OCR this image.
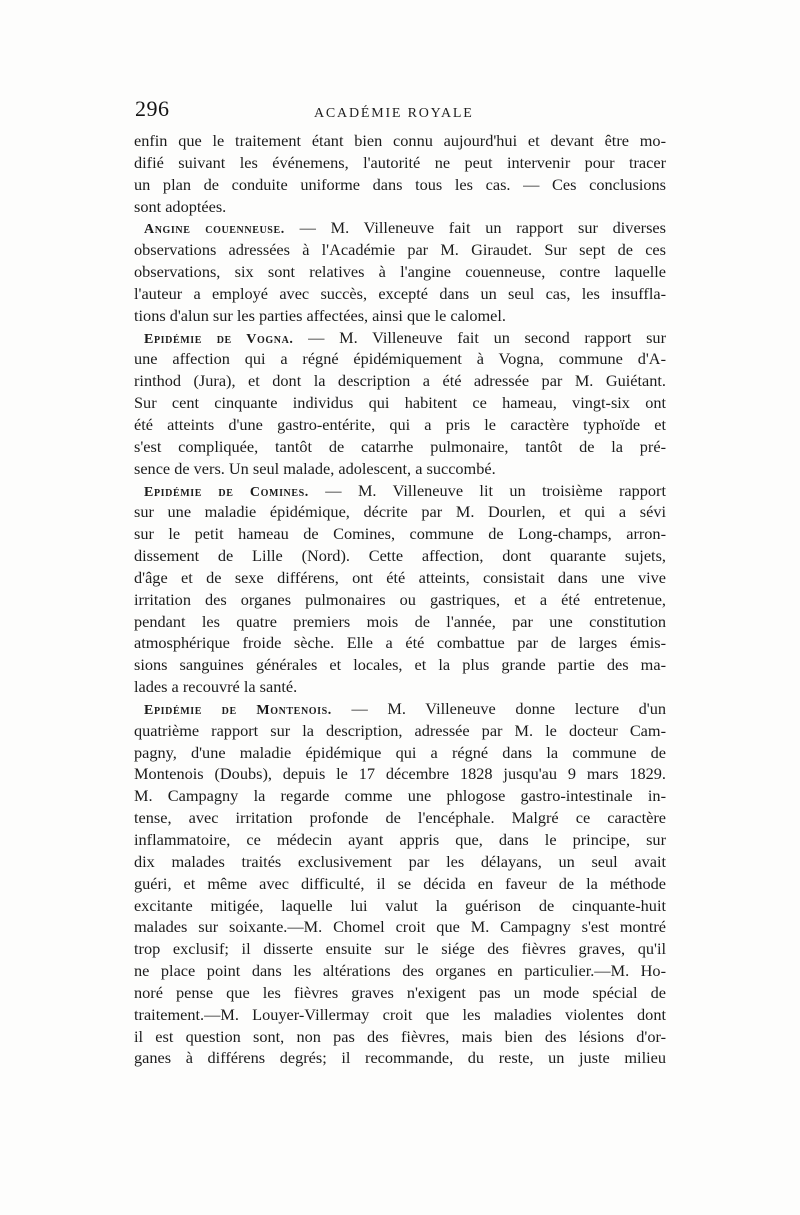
296	ACADÉMIE ROYALE
enfin que le traitement étant bien connu aujourd'hui et devant être mo-
difié suivant les événemens, l'autorité ne peut intervenir pour tracer
un plan de conduite uniforme dans tous les cas. — Ces conclusions
sont adoptées.
Angine couenneuse. — M. Villeneuve fait un rapport sur diverses
observations adressées à l'Académie par M. Giraudet. Sur sept de ces
observations, six sont relatives à l'angine couenneuse, contre laquelle
l'auteur a employé avec succès, excepté dans un seul cas, les insuffla-
tions d'alun sur les parties affectées, ainsi que le calomel.
Epidémie de Vogna. — M. Villeneuve fait un second rapport sur
une affection qui a régné épidémiquement à Vogna, commune d'A-
rinthod (Jura), et dont la description a été adressée par M. Guiétant.
Sur cent cinquante individus qui habitent ce hameau, vingt-six ont
été atteints d'une gastro-entérite, qui a pris le caractère typhoïde et
s'est compliquée, tantôt de catarrhe pulmonaire, tantôt de la pré-
sence de vers. Un seul malade, adolescent, a succombé.
Epidémie de Comines. — M. Villeneuve lit un troisième rapport
sur une maladie épidémique, décrite par M. Dourlen, et qui a sévi
sur le petit hameau de Comines, commune de Long-champs, arron-
dissement de Lille (Nord). Cette affection, dont quarante sujets,
d'âge et de sexe différens, ont été atteints, consistait dans une vive
irritation des organes pulmonaires ou gastriques, et a été entretenue,
pendant les quatre premiers mois de l'année, par une constitution
atmosphérique froide sèche. Elle a été combattue par de larges émis-
sions sanguines générales et locales, et la plus grande partie des ma-
lades a recouvré la santé.
Epidémie de Montenois. — M. Villeneuve donne lecture d'un
quatrième rapport sur la description, adressée par M. le docteur Cam-
pagny, d'une maladie épidémique qui a régné dans la commune de
Montenois (Doubs), depuis le 17 décembre 1828 jusqu'au 9 mars 1829.
M. Campagny la regarde comme une phlogose gastro-intestinale in-
tense, avec irritation profonde de l'encéphale. Malgré ce caractère
inflammatoire, ce médecin ayant appris que, dans le principe, sur
dix malades traités exclusivement par les délayans, un seul avait
guéri, et même avec difficulté, il se décida en faveur de la méthode
excitante mitigée, laquelle lui valut la guérison de cinquante-huit
malades sur soixante.—M. Chomel croit que M. Campagny s'est montré
trop exclusif; il disserte ensuite sur le siége des fièvres graves, qu'il
ne place point dans les altérations des organes en particulier.—M. Ho-
noré pense que les fièvres graves n'exigent pas un mode spécial de
traitement.—M. Louyer-Villermay croit que les maladies violentes dont
il est question sont, non pas des fièvres, mais bien des lésions d'or-
ganes à différens degrés; il recommande, du reste, un juste milieu
